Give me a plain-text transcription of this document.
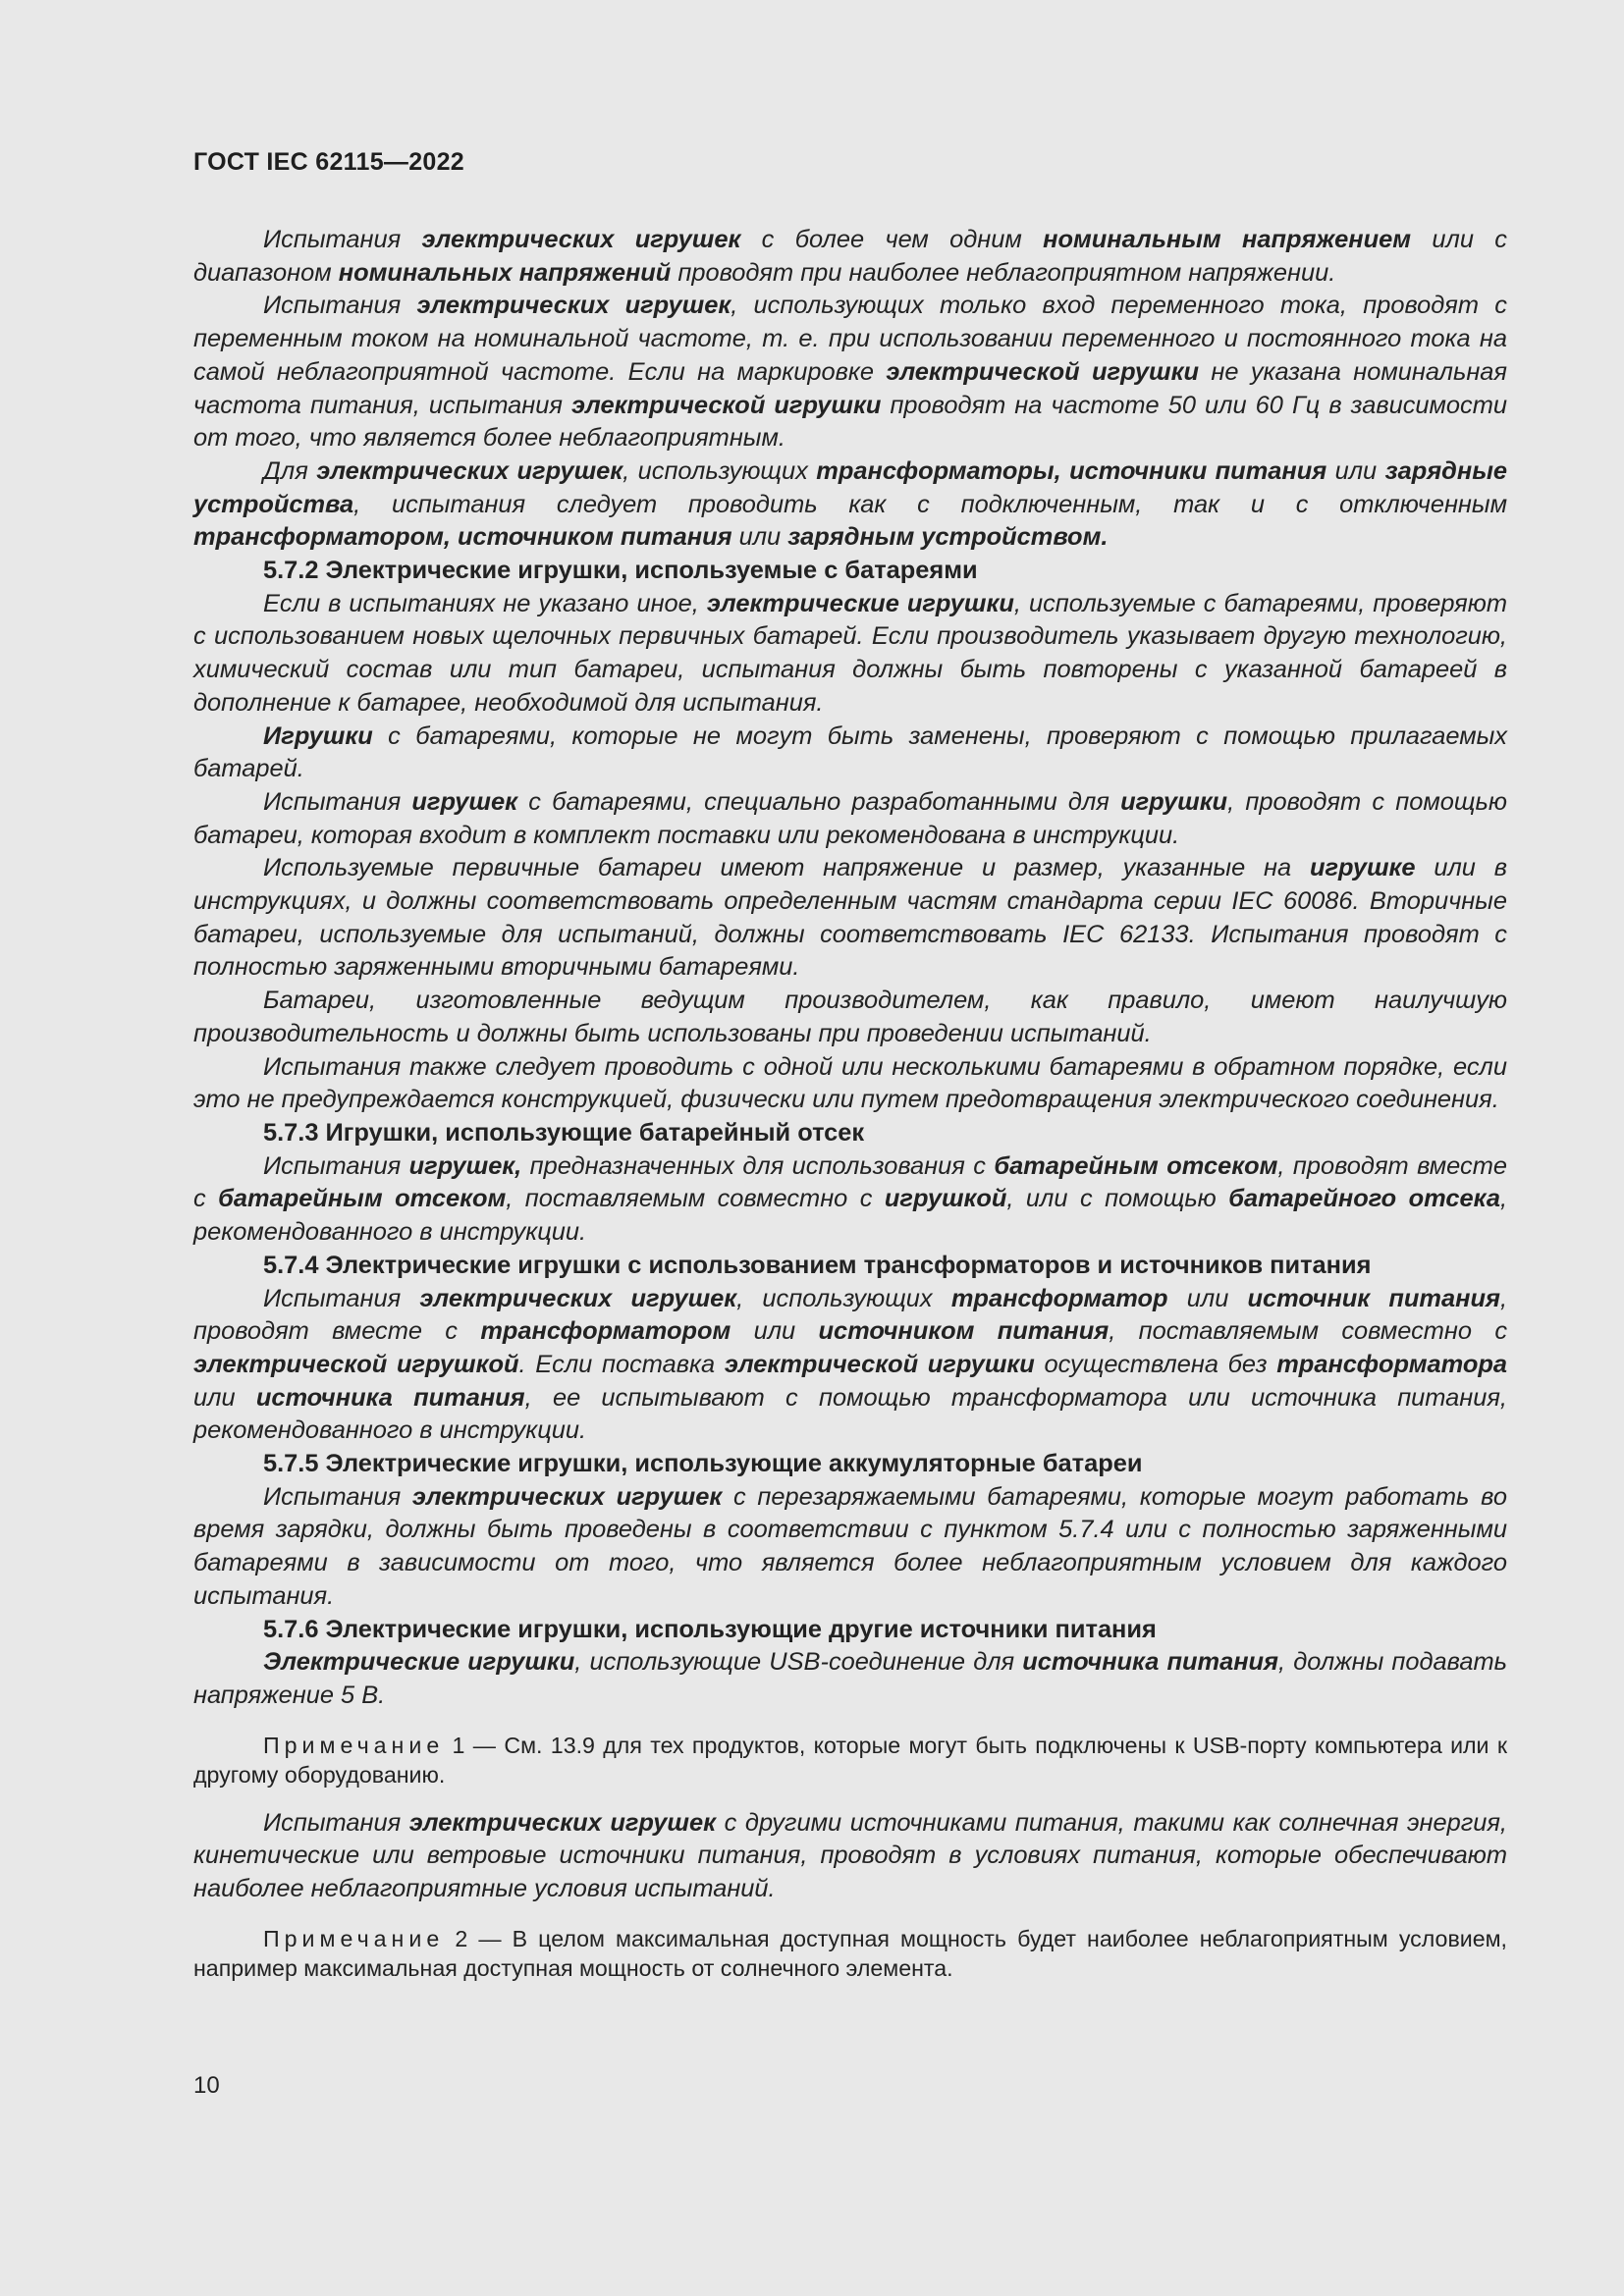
ГОСТ IEC 62115—2022

Испытания электрических игрушек с более чем одним номинальным напряжением или с диапазоном номинальных напряжений проводят при наиболее неблагоприятном напряжении.

Испытания электрических игрушек, использующих только вход переменного тока, проводят с переменным током на номинальной частоте, т. е. при использовании переменного и постоянного тока на самой неблагоприятной частоте. Если на маркировке электрической игрушки не указана номинальная частота питания, испытания электрической игрушки проводят на частоте 50 или 60 Гц в зависимости от того, что является более неблагоприятным.

Для электрических игрушек, использующих трансформаторы, источники питания или зарядные устройства, испытания следует проводить как с подключенным, так и с отключенным трансформатором, источником питания или зарядным устройством.

5.7.2 Электрические игрушки, используемые с батареями

Если в испытаниях не указано иное, электрические игрушки, используемые с батареями, проверяют с использованием новых щелочных первичных батарей. Если производитель указывает другую технологию, химический состав или тип батареи, испытания должны быть повторены с указанной батареей в дополнение к батарее, необходимой для испытания.

Игрушки с батареями, которые не могут быть заменены, проверяют с помощью прилагаемых батарей.

Испытания игрушек с батареями, специально разработанными для игрушки, проводят с помощью батареи, которая входит в комплект поставки или рекомендована в инструкции.

Используемые первичные батареи имеют напряжение и размер, указанные на игрушке или в инструкциях, и должны соответствовать определенным частям стандарта серии IEC 60086. Вторичные батареи, используемые для испытаний, должны соответствовать IEC 62133. Испытания проводят с полностью заряженными вторичными батареями.

Батареи, изготовленные ведущим производителем, как правило, имеют наилучшую производительность и должны быть использованы при проведении испытаний.

Испытания также следует проводить с одной или несколькими батареями в обратном порядке, если это не предупреждается конструкцией, физически или путем предотвращения электрического соединения.

5.7.3 Игрушки, использующие батарейный отсек

Испытания игрушек, предназначенных для использования с батарейным отсеком, проводят вместе с батарейным отсеком, поставляемым совместно с игрушкой, или с помощью батарейного отсека, рекомендованного в инструкции.

5.7.4 Электрические игрушки с использованием трансформаторов и источников питания

Испытания электрических игрушек, использующих трансформатор или источник питания, проводят вместе с трансформатором или источником питания, поставляемым совместно с электрической игрушкой. Если поставка электрической игрушки осуществлена без трансформатора или источника питания, ее испытывают с помощью трансформатора или источника питания, рекомендованного в инструкции.

5.7.5 Электрические игрушки, использующие аккумуляторные батареи

Испытания электрических игрушек с перезаряжаемыми батареями, которые могут работать во время зарядки, должны быть проведены в соответствии с пунктом 5.7.4 или с полностью заряженными батареями в зависимости от того, что является более неблагоприятным условием для каждого испытания.

5.7.6 Электрические игрушки, использующие другие источники питания

Электрические игрушки, использующие USB-соединение для источника питания, должны подавать напряжение 5 В.

Примечание 1 — См. 13.9 для тех продуктов, которые могут быть подключены к USB-порту компьютера или к другому оборудованию.

Испытания электрических игрушек с другими источниками питания, такими как солнечная энергия, кинетические или ветровые источники питания, проводят в условиях питания, которые обеспечивают наиболее неблагоприятные условия испытаний.

Примечание 2 — В целом максимальная доступная мощность будет наиболее неблагоприятным условием, например максимальная доступная мощность от солнечного элемента.

10
